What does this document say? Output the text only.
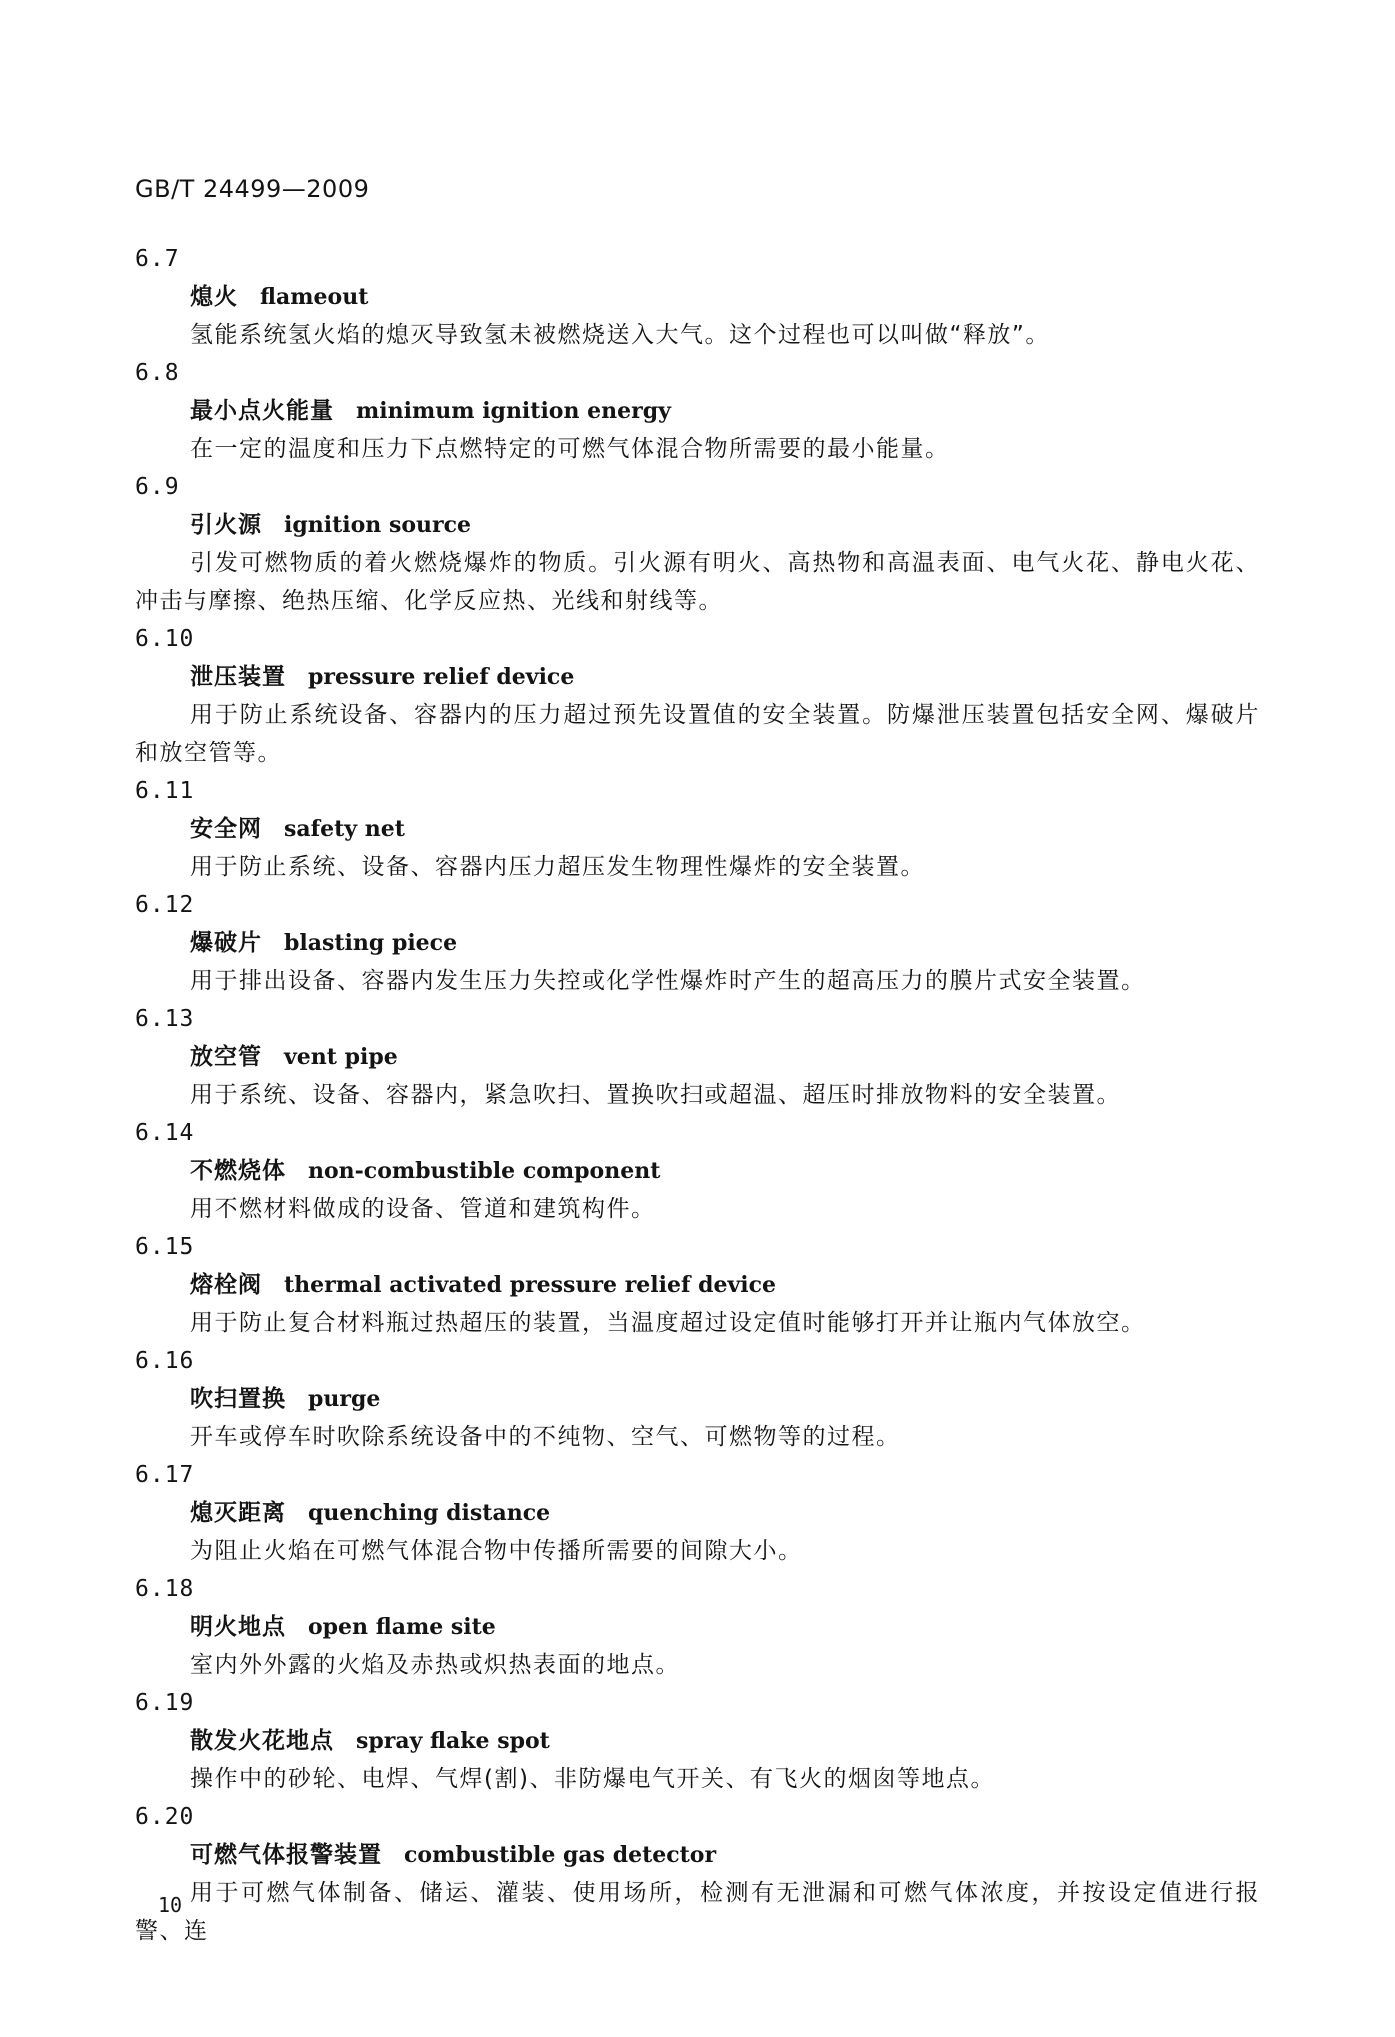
GB/T 24499—2009
6.7
熄火 flameout
氢能系统氢火焰的熄灭导致氢未被燃烧送入大气。这个过程也可以叫做“释放”。
6.8
最小点火能量 minimum ignition energy
在一定的温度和压力下点燃特定的可燃气体混合物所需要的最小能量。
6.9
引火源 ignition source
引发可燃物质的着火燃烧爆炸的物质。引火源有明火、高热物和高温表面、电气火花、静电火花、冲击与摩擦、绝热压缩、化学反应热、光线和射线等。
6.10
泄压装置 pressure relief device
用于防止系统设备、容器内的压力超过预先设置值的安全装置。防爆泄压装置包括安全网、爆破片和放空管等。
6.11
安全网 safety net
用于防止系统、设备、容器内压力超压发生物理性爆炸的安全装置。
6.12
爆破片 blasting piece
用于排出设备、容器内发生压力失控或化学性爆炸时产生的超高压力的膜片式安全装置。
6.13
放空管 vent pipe
用于系统、设备、容器内，紧急吹扫、置换吹扫或超温、超压时排放物料的安全装置。
6.14
不燃烧体 non-combustible component
用不燃材料做成的设备、管道和建筑构件。
6.15
熔栓阀 thermal activated pressure relief device
用于防止复合材料瓶过热超压的装置，当温度超过设定值时能够打开并让瓶内气体放空。
6.16
吹扫置换 purge
开车或停车时吹除系统设备中的不纯物、空气、可燃物等的过程。
6.17
熄灭距离 quenching distance
为阻止火焰在可燃气体混合物中传播所需要的间隙大小。
6.18
明火地点 open flame site
室内外外露的火焰及赤热或炽热表面的地点。
6.19
散发火花地点 spray flake spot
操作中的砂轮、电焊、气焊(割)、非防爆电气开关、有飞火的烟囱等地点。
6.20
可燃气体报警装置 combustible gas detector
用于可燃气体制备、储运、灌装、使用场所，检测有无泄漏和可燃气体浓度，并按设定值进行报警、连
10
